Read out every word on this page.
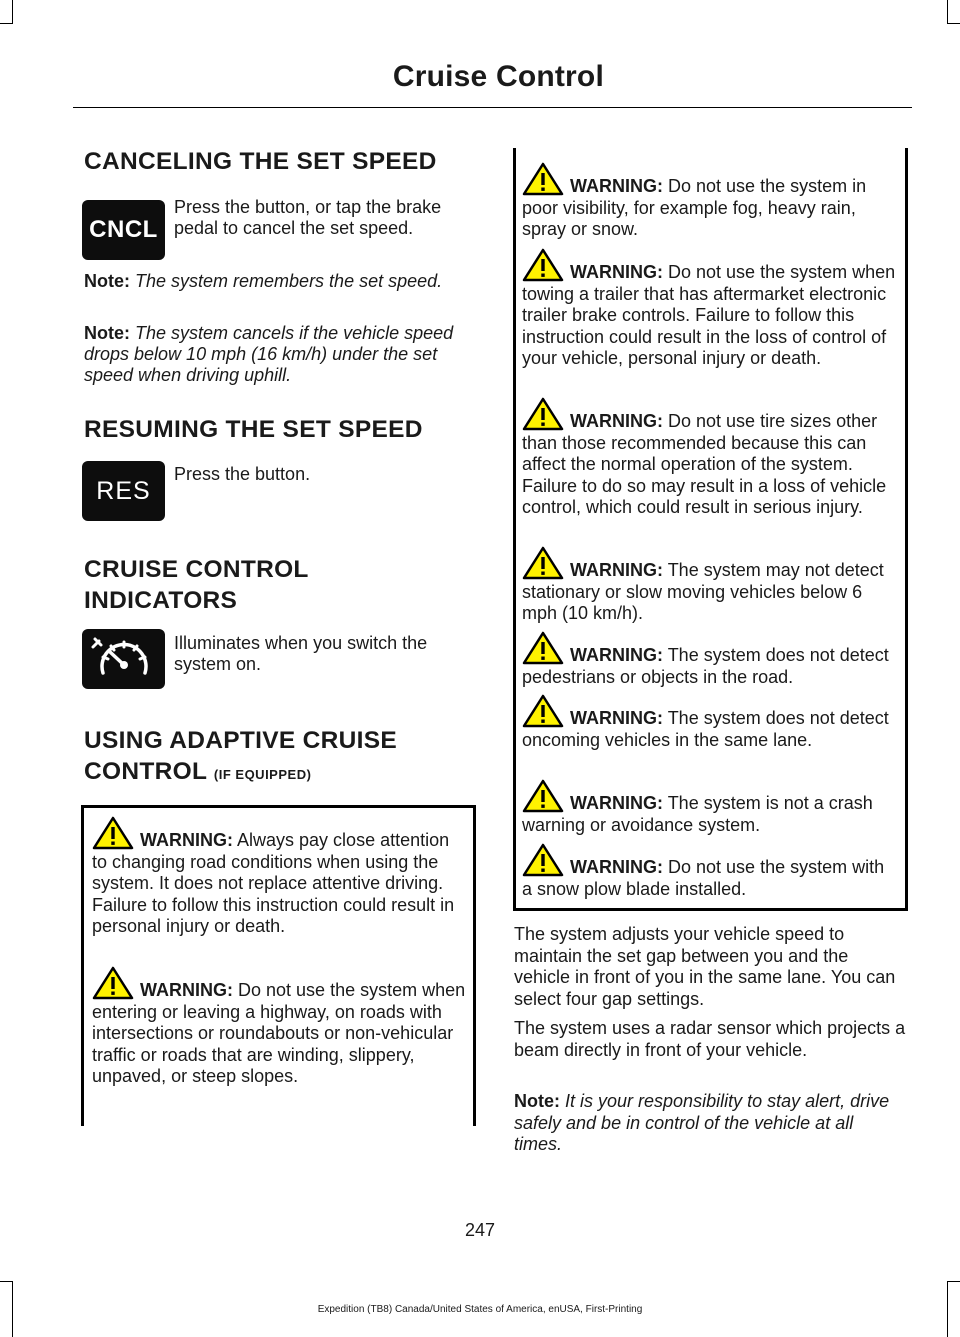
Cruise Control
CANCELING THE SET SPEED
CNCL
Press the button, or tap the brake pedal to cancel the set speed.
Note: The system remembers the set speed.
Note: The system cancels if the vehicle speed drops below 10 mph (16 km/h) under the set speed when driving uphill.
RESUMING THE SET SPEED
RES
Press the button.
CRUISE CONTROL
INDICATORS
Illuminates when you switch the system on.
USING ADAPTIVE CRUISE
CONTROL (IF EQUIPPED)

WARNING: Always pay close attention to changing road conditions when using the system. It does not replace attentive driving. Failure to follow this instruction could result in personal injury or death.

WARNING: Do not use the system when entering or leaving a highway, on roads with intersections or roundabouts or non-vehicular traffic or roads that are winding, slippery, unpaved, or steep slopes.

WARNING: Do not use the system in poor visibility, for example fog, heavy rain, spray or snow.

WARNING: Do not use the system when towing a trailer that has aftermarket electronic trailer brake controls. Failure to follow this instruction could result in the loss of control of your vehicle, personal injury or death.

WARNING: Do not use tire sizes other than those recommended because this can affect the normal operation of the system. Failure to do so may result in a loss of vehicle control, which could result in serious injury.

WARNING: The system may not detect stationary or slow moving vehicles below 6 mph (10 km/h).

WARNING: The system does not detect pedestrians or objects in the road.

WARNING: The system does not detect oncoming vehicles in the same lane.

WARNING: The system is not a crash warning or avoidance system.

WARNING: Do not use the system with a snow plow blade installed.

The system adjusts your vehicle speed to maintain the set gap between you and the vehicle in front of you in the same lane. You can select four gap settings.
The system uses a radar sensor which projects a beam directly in front of your vehicle.
Note: It is your responsibility to stay alert, drive safely and be in control of the vehicle at all times.
247
Expedition (TB8) Canada/United States of America, enUSA, First-Printing
